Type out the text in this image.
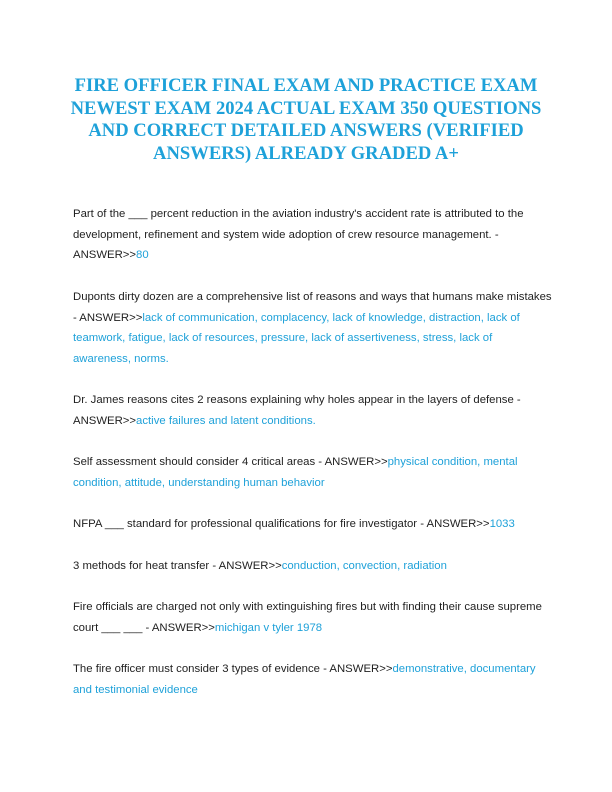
FIRE OFFICER FINAL EXAM AND PRACTICE EXAM NEWEST EXAM 2024 ACTUAL EXAM 350 QUESTIONS AND CORRECT DETAILED ANSWERS (VERIFIED ANSWERS) ALREADY GRADED A+

Part of the ___ percent reduction in the aviation industry's accident rate is attributed to the development, refinement and system wide adoption of crew resource management. - ANSWER>>80

Duponts dirty dozen are a comprehensive list of reasons and ways that humans make mistakes - ANSWER>>lack of communication, complacency, lack of knowledge, distraction, lack of teamwork, fatigue, lack of resources, pressure, lack of assertiveness, stress, lack of awareness, norms.

Dr. James reasons cites 2 reasons explaining why holes appear in the layers of defense - ANSWER>>active failures and latent conditions.

Self assessment should consider 4 critical areas - ANSWER>>physical condition, mental condition, attitude, understanding human behavior

NFPA ___ standard for professional qualifications for fire investigator - ANSWER>>1033

3 methods for heat transfer - ANSWER>>conduction, convection, radiation

Fire officials are charged not only with extinguishing fires but with finding their cause supreme court ___ ___ - ANSWER>>michigan v tyler 1978

The fire officer must consider 3 types of evidence - ANSWER>>demonstrative, documentary and testimonial evidence
